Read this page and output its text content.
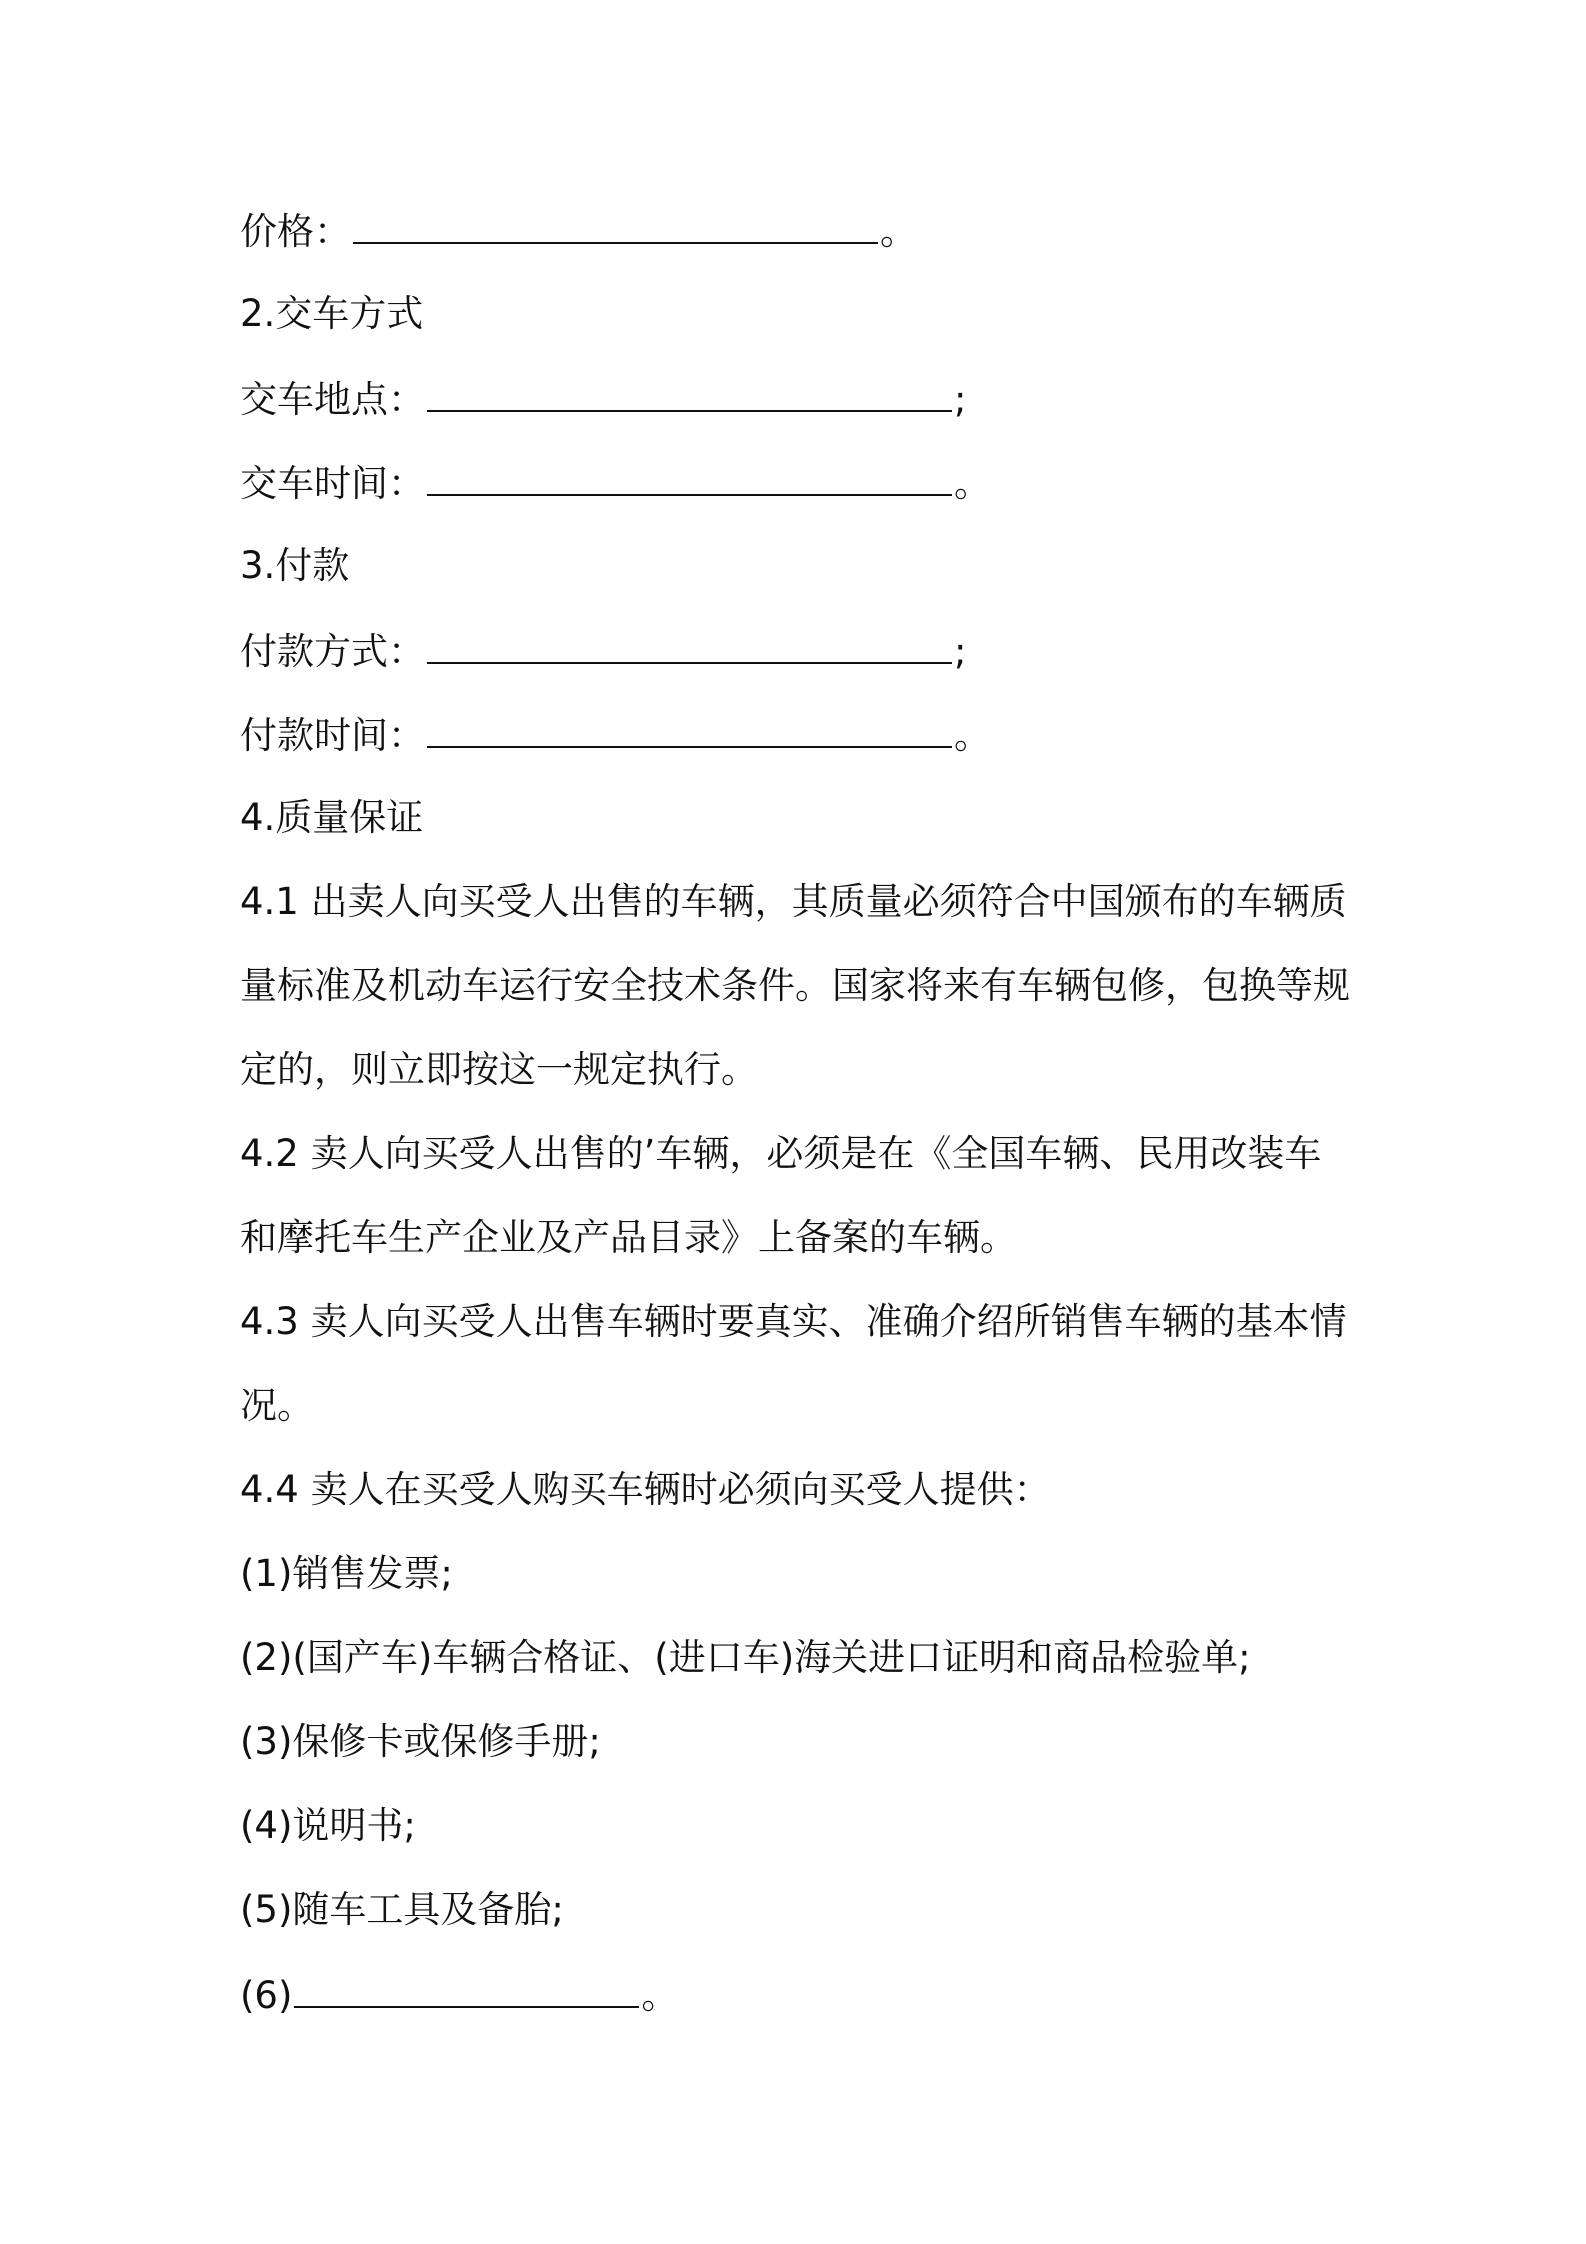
价格：	。
2.交车方式
交车地点：	;
交车时间：	。
3.付款
付款方式：	;
付款时间：	。
4.质量保证
4.1 出卖人向买受人出售的车辆，其质量必须符合中国颁布的车辆质
量标准及机动车运行安全技术条件。国家将来有车辆包修，包换等规
定的，则立即按这一规定执行。
4.2 卖人向买受人出售的’车辆，必须是在《全国车辆、民用改装车
和摩托车生产企业及产品目录》上备案的车辆。
4.3 卖人向买受人出售车辆时要真实、准确介绍所销售车辆的基本情
况。
4.4 卖人在买受人购买车辆时必须向买受人提供：
(1)销售发票;
(2)(国产车)车辆合格证、(进口车)海关进口证明和商品检验单;
(3)保修卡或保修手册;
(4)说明书;
(5)随车工具及备胎;
(6)	。
